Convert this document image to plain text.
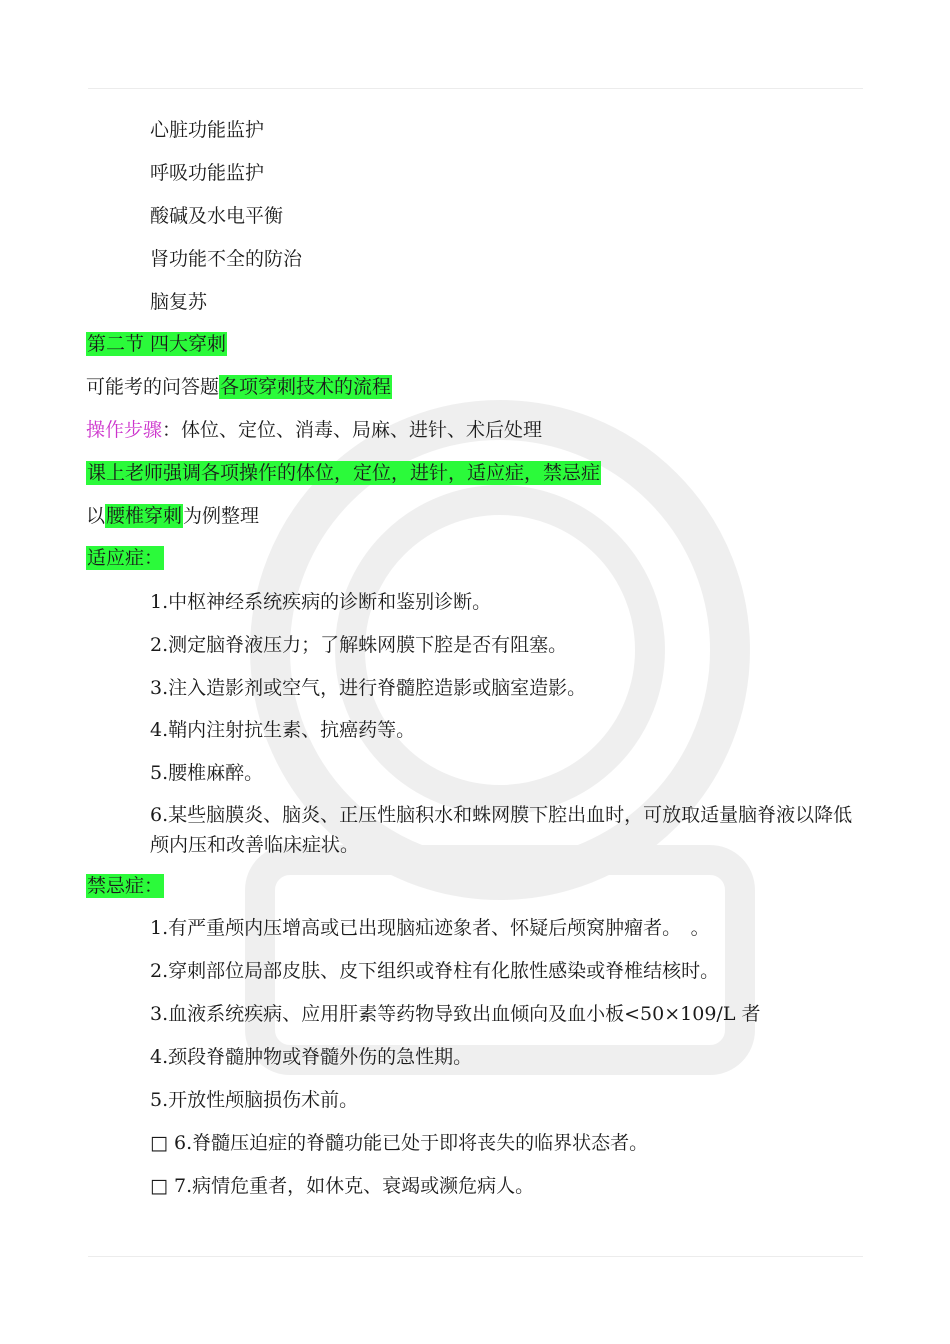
心脏功能监护
呼吸功能监护
酸碱及水电平衡
肾功能不全的防治
脑复苏
第二节 四大穿刺
可能考的问答题各项穿刺技术的流程
操作步骤：体位、定位、消毒、局麻、进针、术后处理
课上老师强调各项操作的体位，定位，进针，适应症，禁忌症
以腰椎穿刺为例整理
适应症：
1.中枢神经系统疾病的诊断和鉴别诊断。
2.测定脑脊液压力；了解蛛网膜下腔是否有阻塞。
3.注入造影剂或空气，进行脊髓腔造影或脑室造影。
4.鞘内注射抗生素、抗癌药等。
5.腰椎麻醉。
6.某些脑膜炎、脑炎、正压性脑积水和蛛网膜下腔出血时，可放取适量脑脊液以降低颅内压和改善临床症状。
禁忌症：
1.有严重颅内压增高或已出现脑疝迹象者、怀疑后颅窝肿瘤者。　。
2.穿刺部位局部皮肤、皮下组织或脊柱有化脓性感染或脊椎结核时。
3.血液系统疾病、应用肝素等药物导致出血倾向及血小板<50×109/L 者
4.颈段脊髓肿物或脊髓外伤的急性期。
5.开放性颅脑损伤术前。
□ 6.脊髓压迫症的脊髓功能已处于即将丧失的临界状态者。
□ 7.病情危重者，如休克、衰竭或濒危病人。
